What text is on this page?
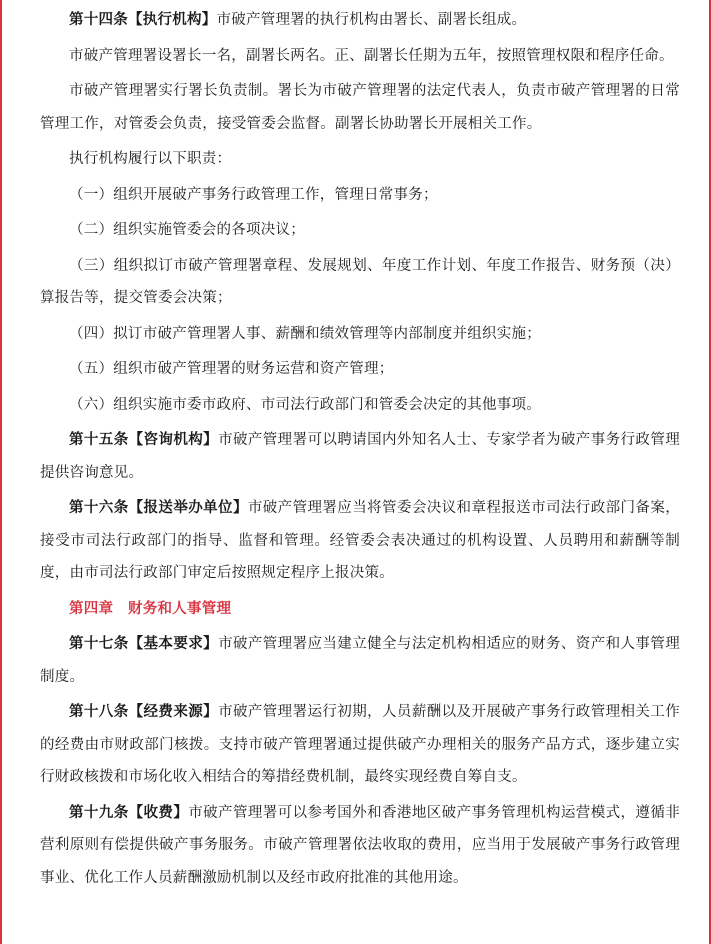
第十四条【执行机构】市破产管理署的执行机构由署长、副署长组成。

市破产管理署设署长一名，副署长两名。正、副署长任期为五年，按照管理权限和程序任命。

市破产管理署实行署长负责制。署长为市破产管理署的法定代表人，负责市破产管理署的日常管理工作，对管委会负责，接受管委会监督。副署长协助署长开展相关工作。

执行机构履行以下职责：

（一）组织开展破产事务行政管理工作，管理日常事务；

（二）组织实施管委会的各项决议；

（三）组织拟订市破产管理署章程、发展规划、年度工作计划、年度工作报告、财务预（决）算报告等，提交管委会决策；

（四）拟订市破产管理署人事、薪酬和绩效管理等内部制度并组织实施；

（五）组织市破产管理署的财务运营和资产管理；

（六）组织实施市委市政府、市司法行政部门和管委会决定的其他事项。

第十五条【咨询机构】市破产管理署可以聘请国内外知名人士、专家学者为破产事务行政管理提供咨询意见。

第十六条【报送举办单位】市破产管理署应当将管委会决议和章程报送市司法行政部门备案，接受市司法行政部门的指导、监督和管理。经管委会表决通过的机构设置、人员聘用和薪酬等制度，由市司法行政部门审定后按照规定程序上报决策。

第四章　财务和人事管理

第十七条【基本要求】市破产管理署应当建立健全与法定机构相适应的财务、资产和人事管理制度。

第十八条【经费来源】市破产管理署运行初期，人员薪酬以及开展破产事务行政管理相关工作的经费由市财政部门核拨。支持市破产管理署通过提供破产办理相关的服务产品方式，逐步建立实行财政核拨和市场化收入相结合的筹措经费机制，最终实现经费自筹自支。

第十九条【收费】市破产管理署可以参考国外和香港地区破产事务管理机构运营模式，遵循非营利原则有偿提供破产事务服务。市破产管理署依法收取的费用，应当用于发展破产事务行政管理事业、优化工作人员薪酬激励机制以及经市政府批准的其他用途。
